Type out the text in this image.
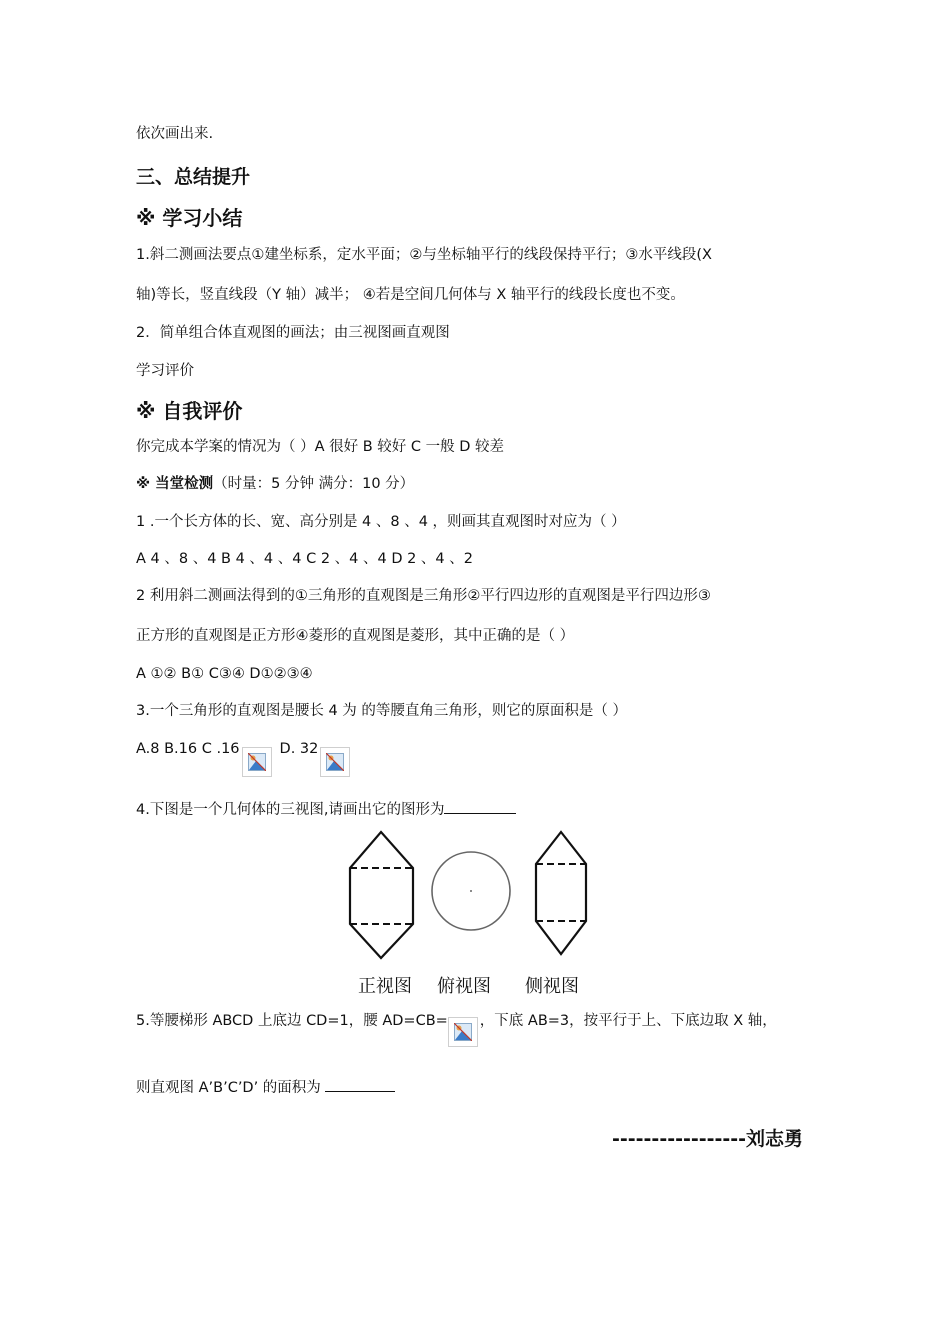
依次画出来.
三、总结提升
※ 学习小结
1.斜二测画法要点①建坐标系，定水平面；②与坐标轴平行的线段保持平行；③水平线段(X
轴)等长，竖直线段（Y 轴）减半； ④若是空间几何体与 X 轴平行的线段长度也不变。
2．简单组合体直观图的画法；由三视图画直观图
学习评价
※ 自我评价
你完成本学案的情况为（ ）A 很好 B 较好 C 一般 D 较差
※ 当堂检测（时量：5 分钟 满分：10 分）
1 .一个长方体的长、宽、高分别是 4 、8 、4 ，则画其直观图时对应为（ ）
A 4 、8 、4 B 4 、4 、4 C 2 、4 、4 D 2 、4 、2
2 利用斜二测画法得到的①三角形的直观图是三角形②平行四边形的直观图是平行四边形③
正方形的直观图是正方形④菱形的直观图是菱形，其中正确的是（ ）
A ①② B① C③④ D①②③④
3.一个三角形的直观图是腰长 4 为 的等腰直角三角形，则它的原面积是（ ）
A.8 B.16 C .16	D. 32
4.下图是一个几何体的三视图,请画出它的图形为
正视图 俯视图 侧视图
5.等腰梯形 ABCD 上底边 CD=1，腰 AD=CB= ，下底 AB=3，按平行于上、下底边取 X 轴，
则直观图 A’B’C’D’ 的面积为
-----------------刘志勇
